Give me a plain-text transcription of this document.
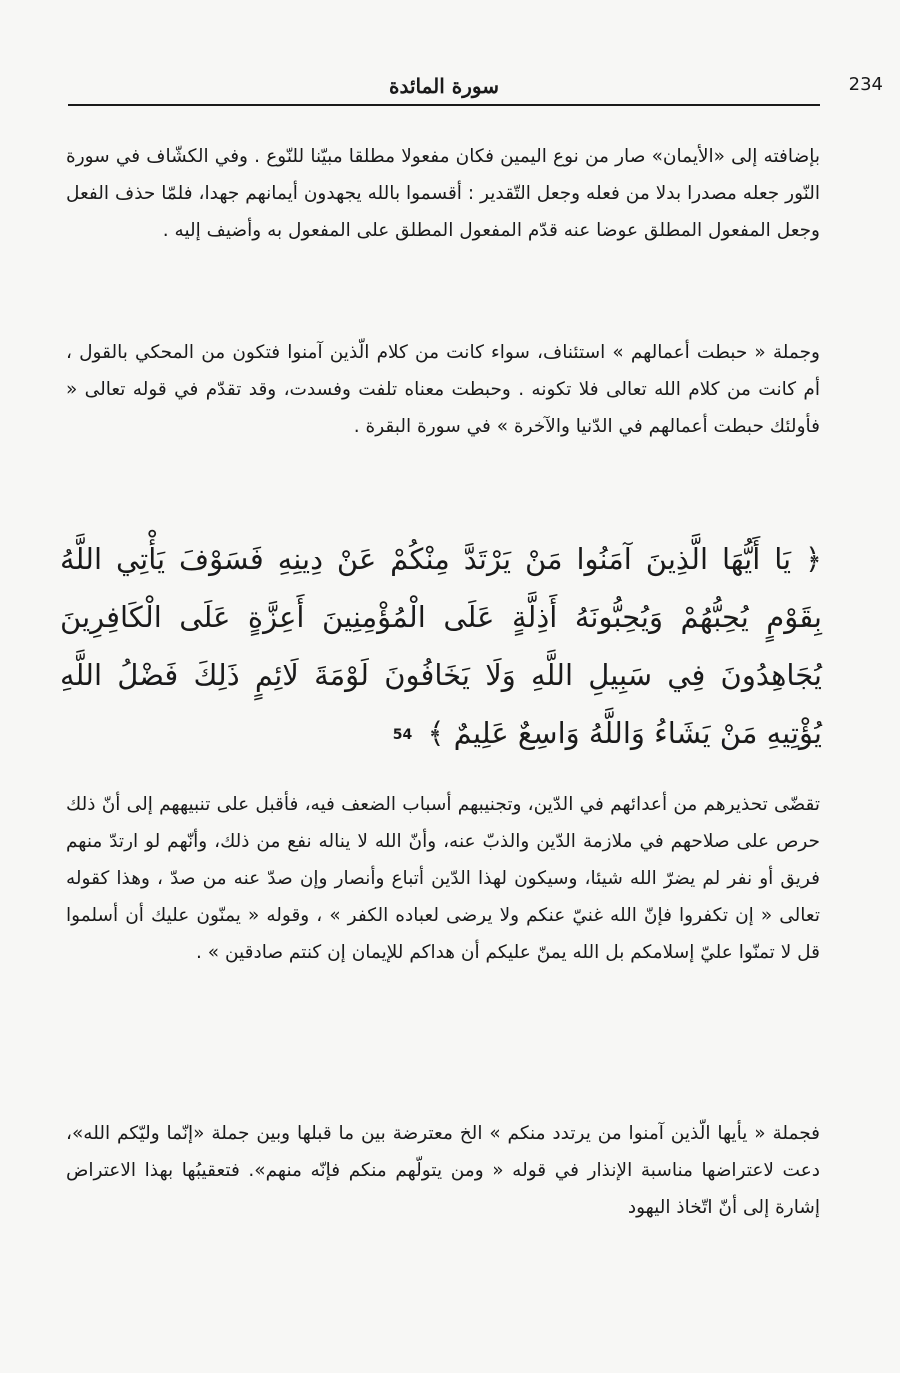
سورة المائدة	234
بإضافته إلى «الأيمان» صار من نوع اليمين فكان مفعولا مطلقا مبيّنا للنّوع . وفي الكشّاف في سورة النّور جعله مصدرا بدلا من فعله وجعل التّقدير : أقسموا بالله يجهدون أيمانهم جهدا، فلمّا حذف الفعل وجعل المفعول المطلق عوضا عنه قدّم المفعول المطلق على المفعول به وأضيف إليه .
وجملة « حبطت أعمالهم » استئناف، سواء كانت من كلام الّذين آمنوا فتكون من المحكي بالقول ، أم كانت من كلام الله تعالى فلا تكونه . وحبطت معناه تلفت وفسدت، وقد تقدّم في قوله تعالى « فأولئك حبطت أعمالهم في الدّنيا والآخرة » في سورة البقرة .
﴿ يَا أَيُّهَا الَّذِينَ آمَنُوا مَنْ يَرْتَدَّ مِنْكُمْ عَنْ دِينِهِ فَسَوْفَ يَأْتِي اللَّهُ بِقَوْمٍ يُحِبُّهُمْ وَيُحِبُّونَهُ أَذِلَّةٍ عَلَى الْمُؤْمِنِينَ أَعِزَّةٍ عَلَى الْكَافِرِينَ يُجَاهِدُونَ فِي سَبِيلِ اللَّهِ وَلَا يَخَافُونَ لَوْمَةَ لَائِمٍ ذَلِكَ فَضْلُ اللَّهِ يُؤْتِيهِ مَنْ يَشَاءُ وَاللَّهُ وَاسِعٌ عَلِيمٌ ﴾ 54
تقضّى تحذيرهم من أعدائهم في الدّين، وتجنيبهم أسباب الضعف فيه، فأقبل على تنبيههم إلى أنّ ذلك حرص على صلاحهم في ملازمة الدّين والذبّ عنه، وأنّ الله لا يناله نفع من ذلك، وأنّهم لو ارتدّ منهم فريق أو نفر لم يضرّ الله شيئا، وسيكون لهذا الدّين أتباع وأنصار وإن صدّ عنه من صدّ ، وهذا كقوله تعالى « إن تكفروا فإنّ الله غنيّ عنكم ولا يرضى لعباده الكفر » ، وقوله « يمنّون عليك أن أسلموا قل لا تمنّوا عليّ إسلامكم بل الله يمنّ عليكم أن هداكم للإيمان إن كنتم صادقين » .
فجملة « يأيها الّذين آمنوا من يرتدد منكم » الخ معترضة بين ما قبلها وبين جملة «إنّما وليّكم الله»، دعت لاعتراضها مناسبة الإنذار في قوله « ومن يتولّهم منكم فإنّه منهم». فتعقيبُها بهذا الاعتراض إشارة إلى أنّ اتّخاذ اليهود
